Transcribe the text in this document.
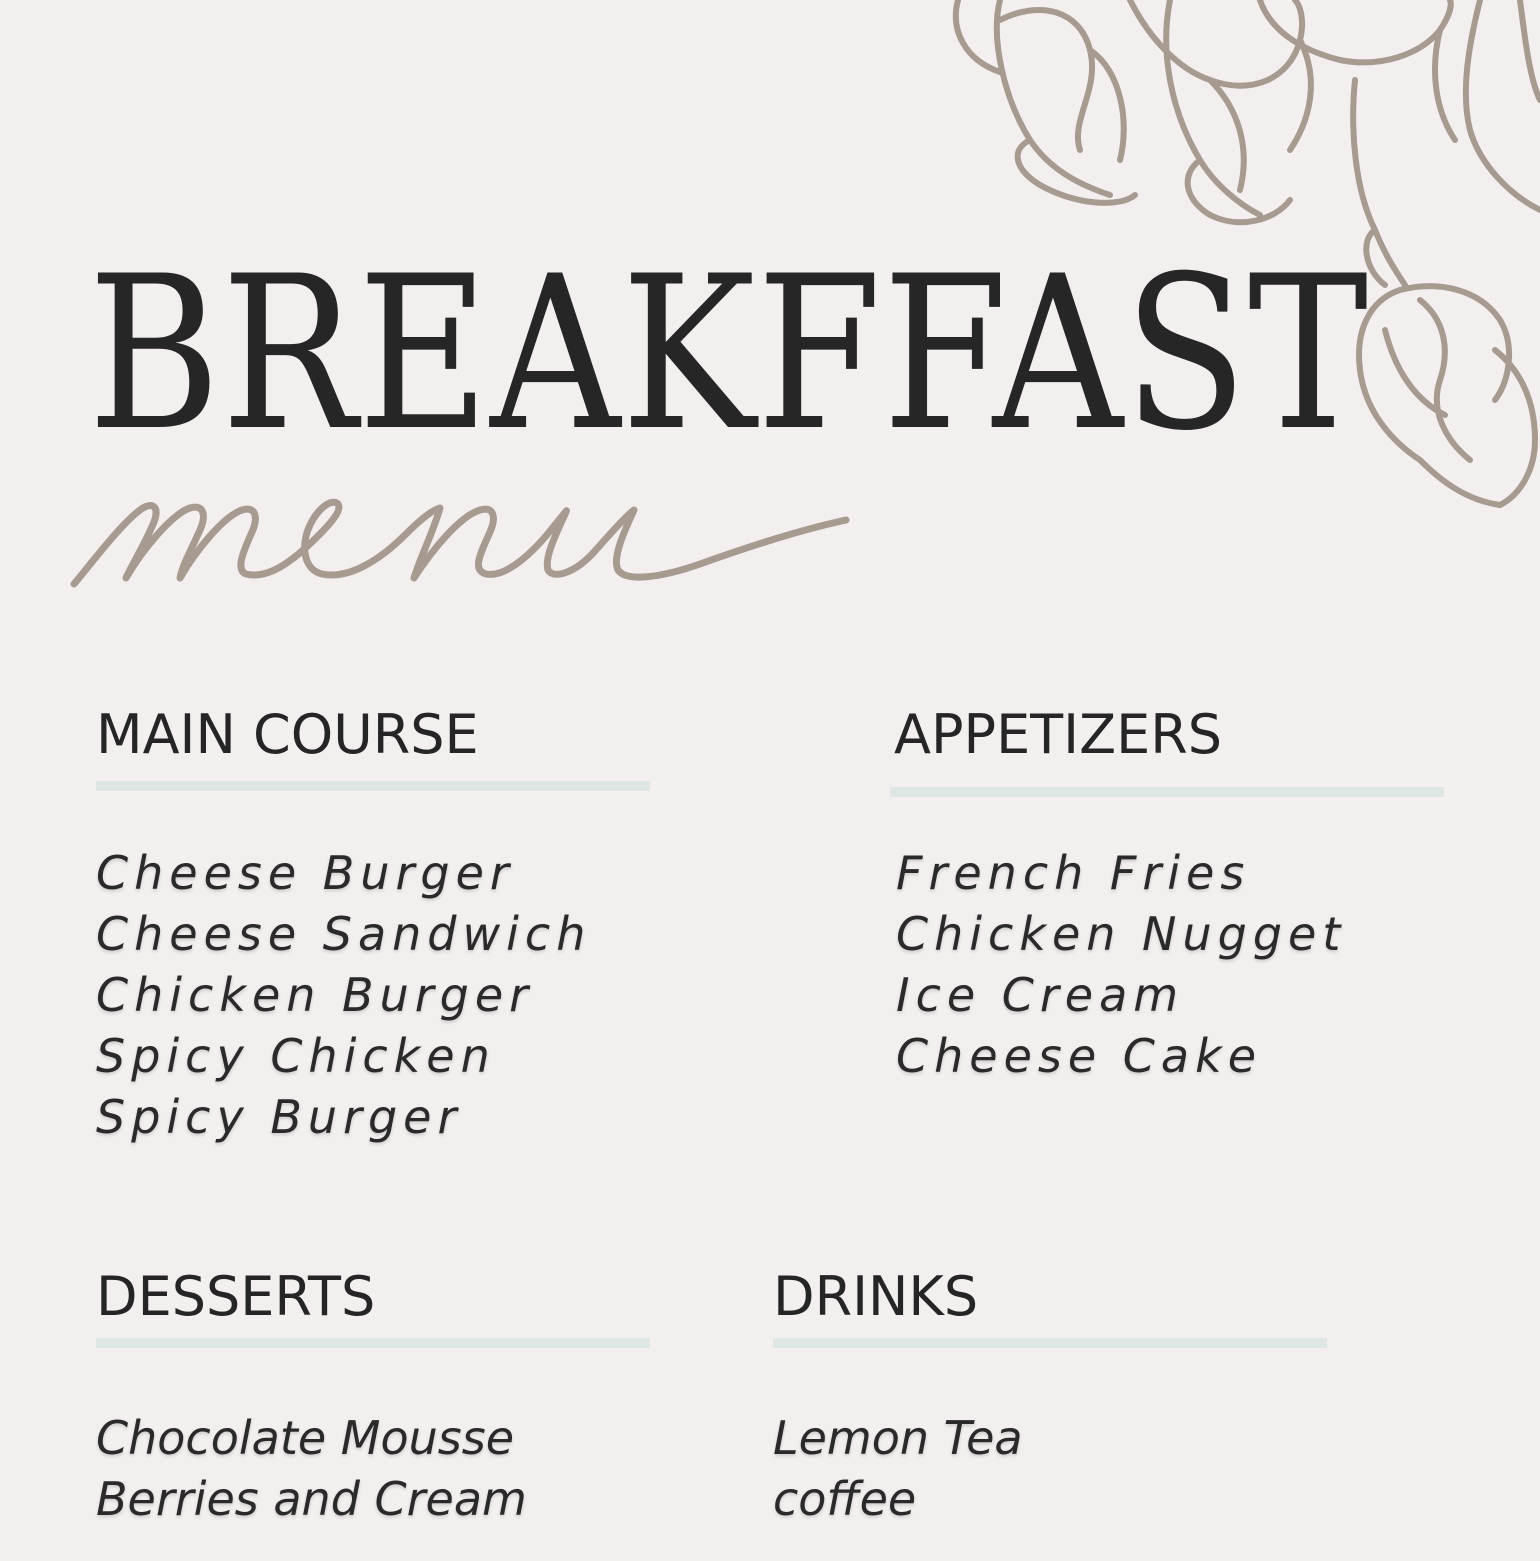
BREAKFFAST
MAIN COURSE
Cheese Burger
Cheese Sandwich
Chicken Burger
Spicy Chicken
Spicy Burger
APPETIZERS
French Fries
Chicken Nugget
Ice Cream
Cheese Cake
DESSERTS
Chocolate Mousse
Berries and Cream
DRINKS
Lemon Tea
coffee
